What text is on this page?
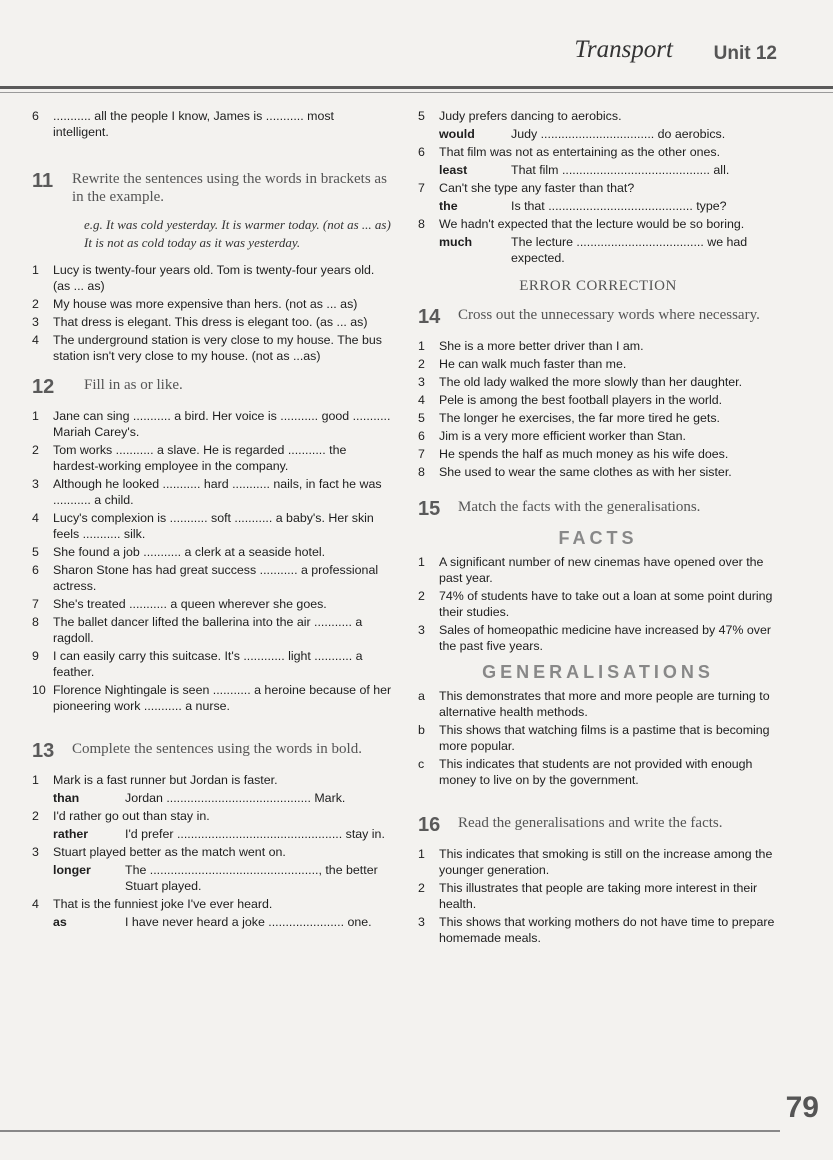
Transport Unit 12
6	........... all the people I know, James is ........... most intelligent.
11	Rewrite the sentences using the words in brackets as in the example.
e.g. It was cold yesterday. It is warmer today. (not as ... as) It is not as cold today as it was yesterday.
1	Lucy is twenty-four years old. Tom is twenty-four years old. (as ... as)
2	My house was more expensive than hers. (not as ... as)
3	That dress is elegant. This dress is elegant too. (as ... as)
4	The underground station is very close to my house. The bus station isn't very close to my house. (not as ...as)
12	Fill in as or like.
1	Jane can sing ........... a bird. Her voice is ........... good ........... Mariah Carey's.
2	Tom works ........... a slave. He is regarded ........... the hardest-working employee in the company.
3	Although he looked ........... hard ........... nails, in fact he was ........... a child.
4	Lucy's complexion is ........... soft ........... a baby's. Her skin feels ........... silk.
5	She found a job ........... a clerk at a seaside hotel.
6	Sharon Stone has had great success ........... a professional actress.
7	She's treated ........... a queen wherever she goes.
8	The ballet dancer lifted the ballerina into the air ........... a ragdoll.
9	I can easily carry this suitcase. It's ............ light ........... a feather.
10 Florence Nightingale is seen ........... a heroine because of her pioneering work ........... a nurse.
13	Complete the sentences using the words in bold.
1	Mark is a fast runner but Jordan is faster.
than	Jordan .......................................... Mark.
2	I'd rather go out than stay in.
rather	I'd prefer ................................................ stay in.
3	Stuart played better as the match went on.
longer	The ................................................., the better Stuart played.
4	That is the funniest joke I've ever heard.
as	I have never heard a joke ...................... one.
5	Judy prefers dancing to aerobics.
would	Judy ................................. do aerobics.
6	That film was not as entertaining as the other ones.
least	That film ........................................... all.
7	Can't she type any faster than that?
the	Is that .......................................... type?
8	We hadn't expected that the lecture would be so boring.
much	The lecture ..................................... we had expected.
ERROR CORRECTION
14	Cross out the unnecessary words where necessary.
1	She is a more better driver than I am.
2	He can walk much faster than me.
3	The old lady walked the more slowly than her daughter.
4	Pele is among the best football players in the world.
5	The longer he exercises, the far more tired he gets.
6	Jim is a very more efficient worker than Stan.
7	He spends the half as much money as his wife does.
8	She used to wear the same clothes as with her sister.
15	Match the facts with the generalisations.
FACTS
1	A significant number of new cinemas have opened over the past year.
2	74% of students have to take out a loan at some point during their studies.
3	Sales of homeopathic medicine have increased by 47% over the past five years.
GENERALISATIONS
a	This demonstrates that more and more people are turning to alternative health methods.
b	This shows that watching films is a pastime that is becoming more popular.
c	This indicates that students are not provided with enough money to live on by the government.
16	Read the generalisations and write the facts.
1	This indicates that smoking is still on the increase among the younger generation.
2	This illustrates that people are taking more interest in their health.
3	This shows that working mothers do not have time to prepare homemade meals.
79
